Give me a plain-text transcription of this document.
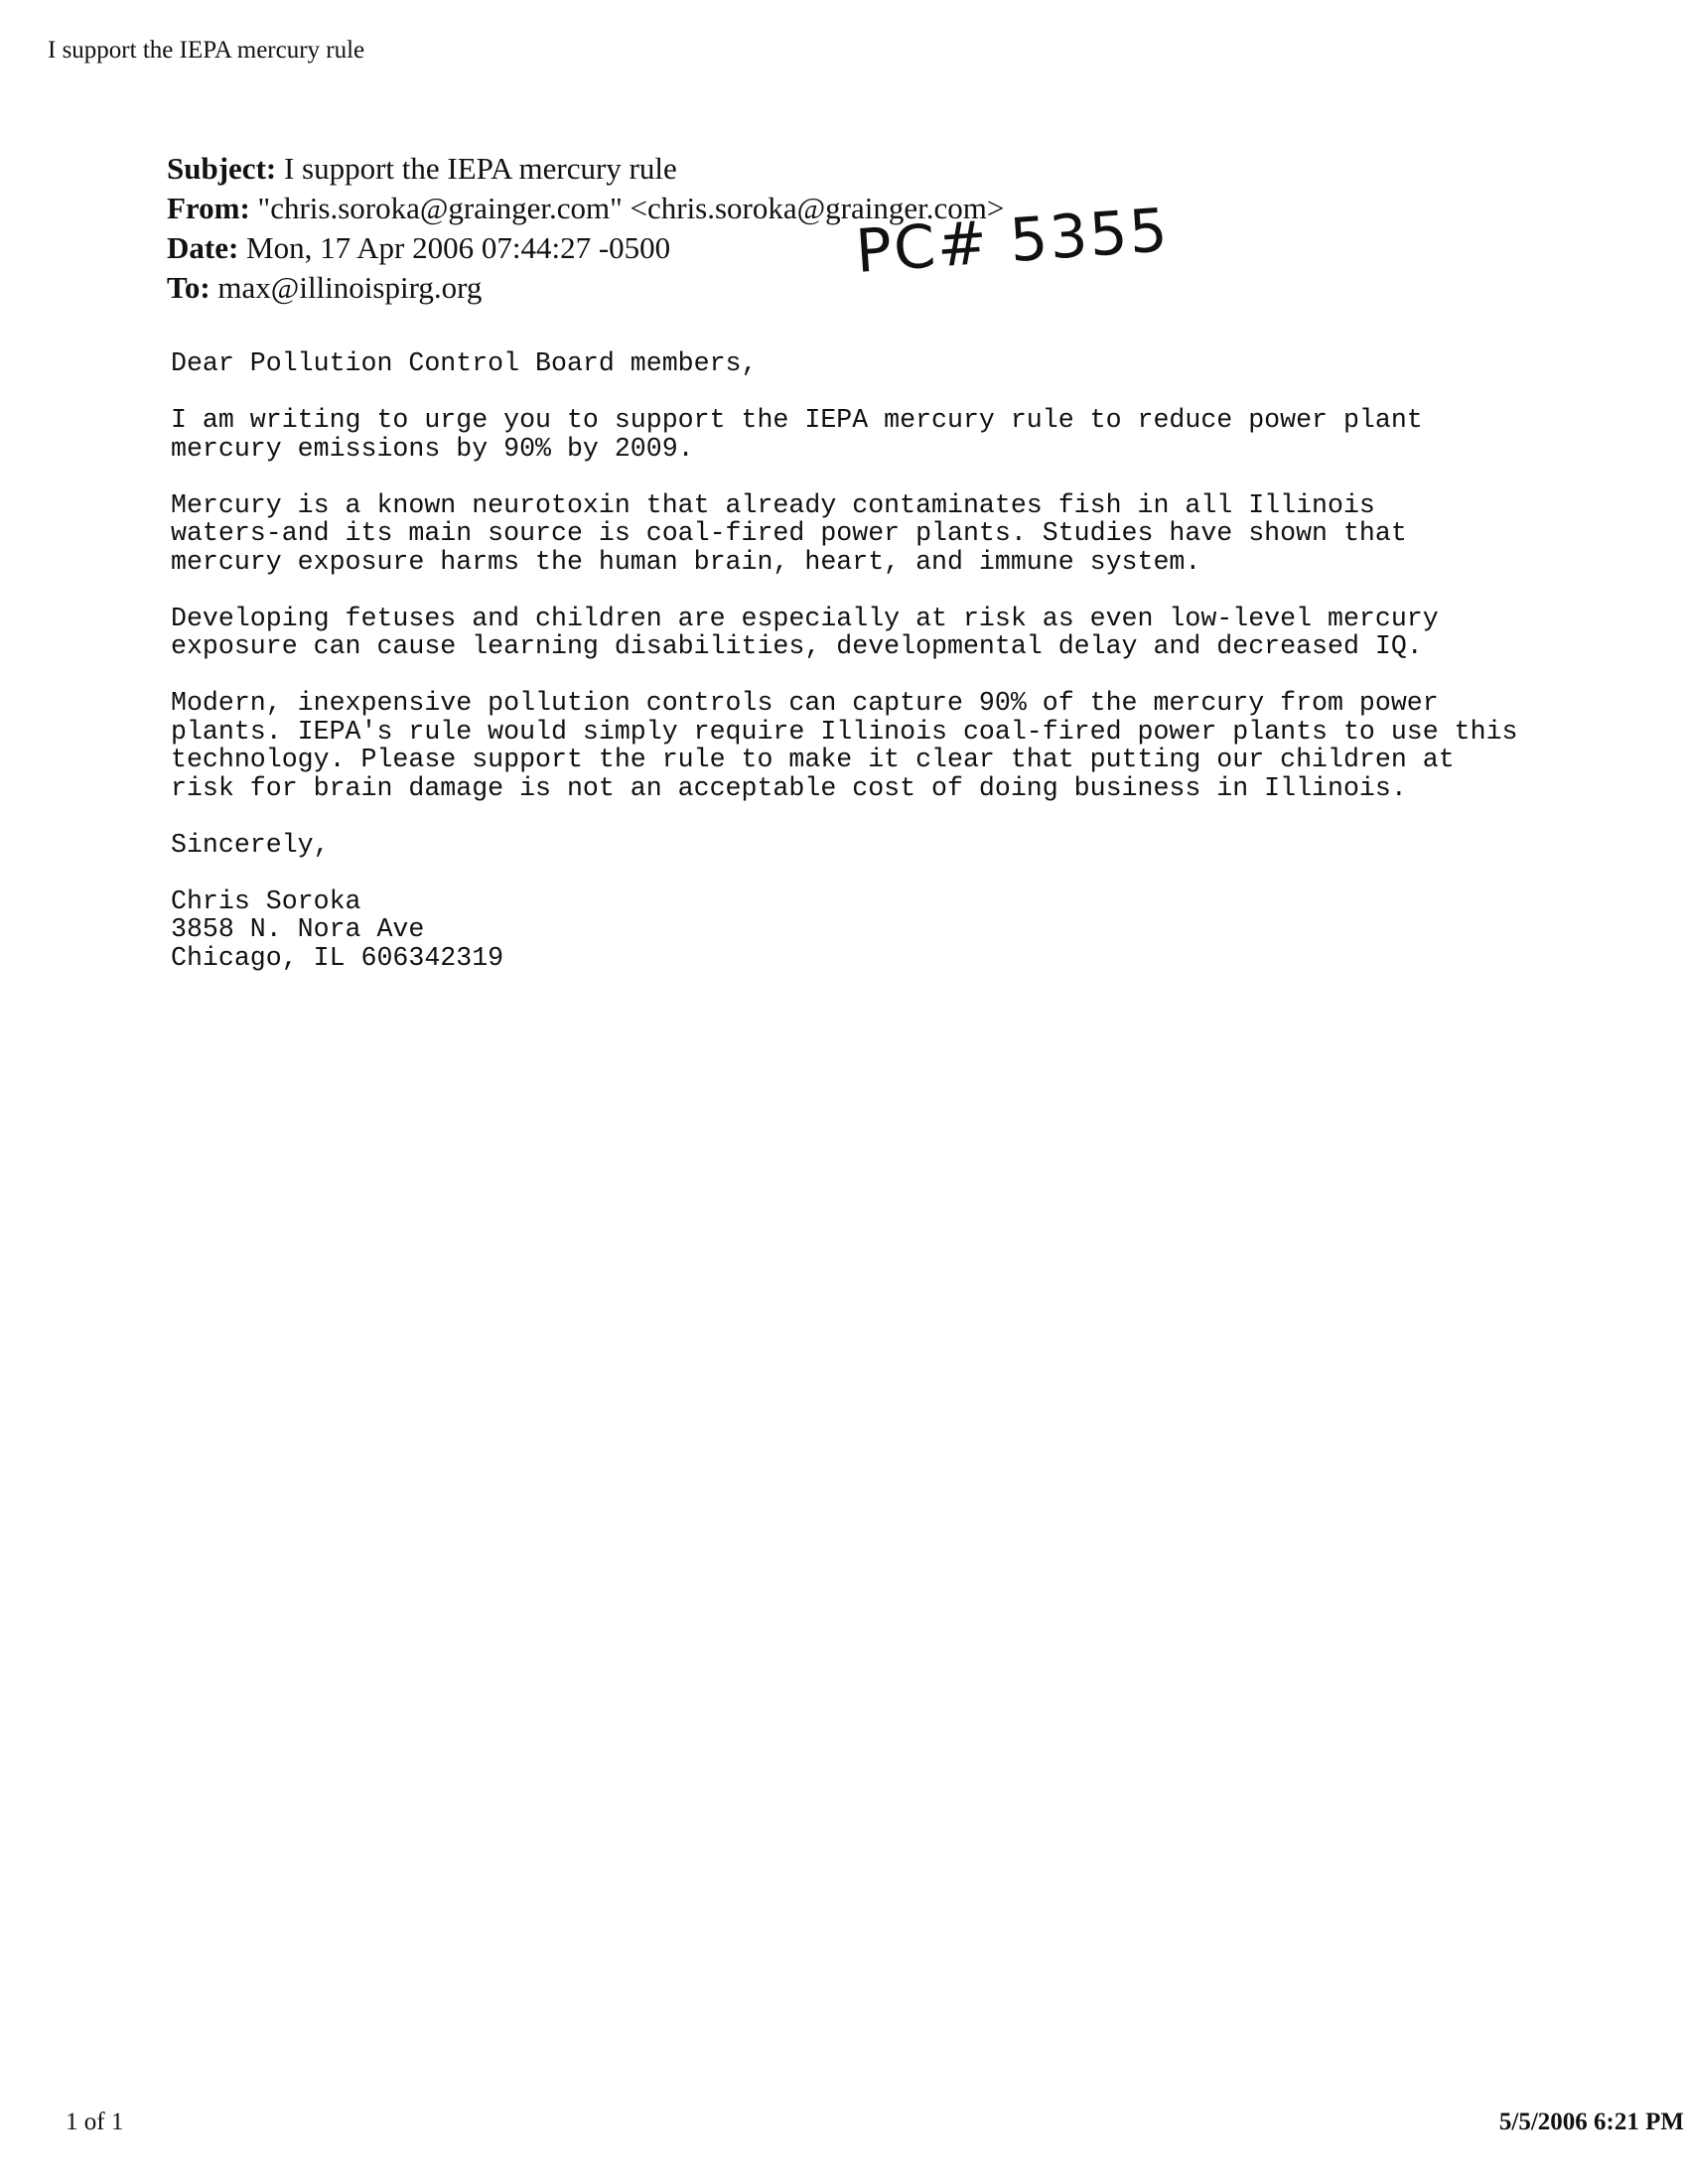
I support the IEPA mercury rule
Subject: I support the IEPA mercury rule
From: "chris.soroka@grainger.com" <chris.soroka@grainger.com>
Date: Mon, 17 Apr 2006 07:44:27 -0500
To: max@illinoispirg.org
PC# 5355

Dear Pollution Control Board members,

I am writing to urge you to support the IEPA mercury rule to reduce power plant
mercury emissions by 90% by 2009.

Mercury is a known neurotoxin that already contaminates fish in all Illinois
waters-and its main source is coal-fired power plants. Studies have shown that
mercury exposure harms the human brain, heart, and immune system.

Developing fetuses and children are especially at risk as even low-level mercury
exposure can cause learning disabilities, developmental delay and decreased IQ.

Modern, inexpensive pollution controls can capture 90% of the mercury from power
plants. IEPA's rule would simply require Illinois coal-fired power plants to use this
technology. Please support the rule to make it clear that putting our children at
risk for brain damage is not an acceptable cost of doing business in Illinois.

Sincerely,

Chris Soroka

3858 N. Nora Ave

Chicago, IL 606342319

1 of 1	5/5/2006 6:21 PM
